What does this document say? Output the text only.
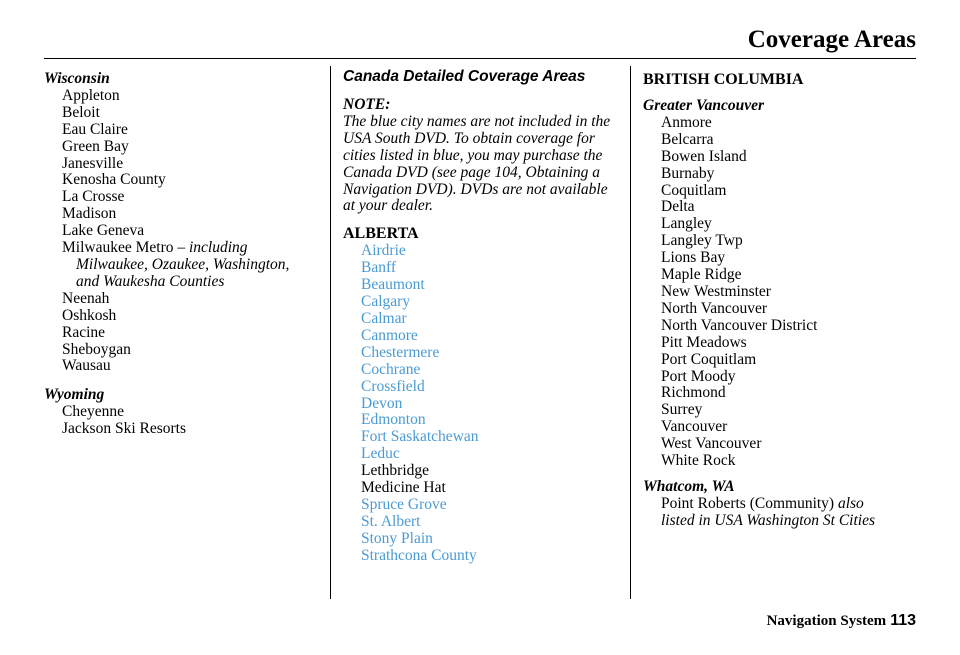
Coverage Areas
Wisconsin
Appleton
Beloit
Eau Claire
Green Bay
Janesville
Kenosha County
La Crosse
Madison
Lake Geneva
Milwaukee Metro – including
Milwaukee, Ozaukee, Washington,
and Waukesha Counties
Neenah
Oshkosh
Racine
Sheboygan
Wausau
Wyoming
Cheyenne
Jackson Ski Resorts
Canada Detailed Coverage Areas
NOTE:
The blue city names are not included in the USA South DVD. To obtain coverage for cities listed in blue, you may purchase the Canada DVD (see page 104, Obtaining a Navigation DVD). DVDs are not available at your dealer.
ALBERTA
Airdrie
Banff
Beaumont
Calgary
Calmar
Canmore
Chestermere
Cochrane
Crossfield
Devon
Edmonton
Fort Saskatchewan
Leduc
Lethbridge
Medicine Hat
Spruce Grove
St. Albert
Stony Plain
Strathcona County
BRITISH COLUMBIA
Greater Vancouver
Anmore
Belcarra
Bowen Island
Burnaby
Coquitlam
Delta
Langley
Langley Twp
Lions Bay
Maple Ridge
New Westminster
North Vancouver
North Vancouver District
Pitt Meadows
Port Coquitlam
Port Moody
Richmond
Surrey
Vancouver
West Vancouver
White Rock
Whatcom, WA
Point Roberts (Community) also
listed in USA Washington St Cities
Navigation System 113
